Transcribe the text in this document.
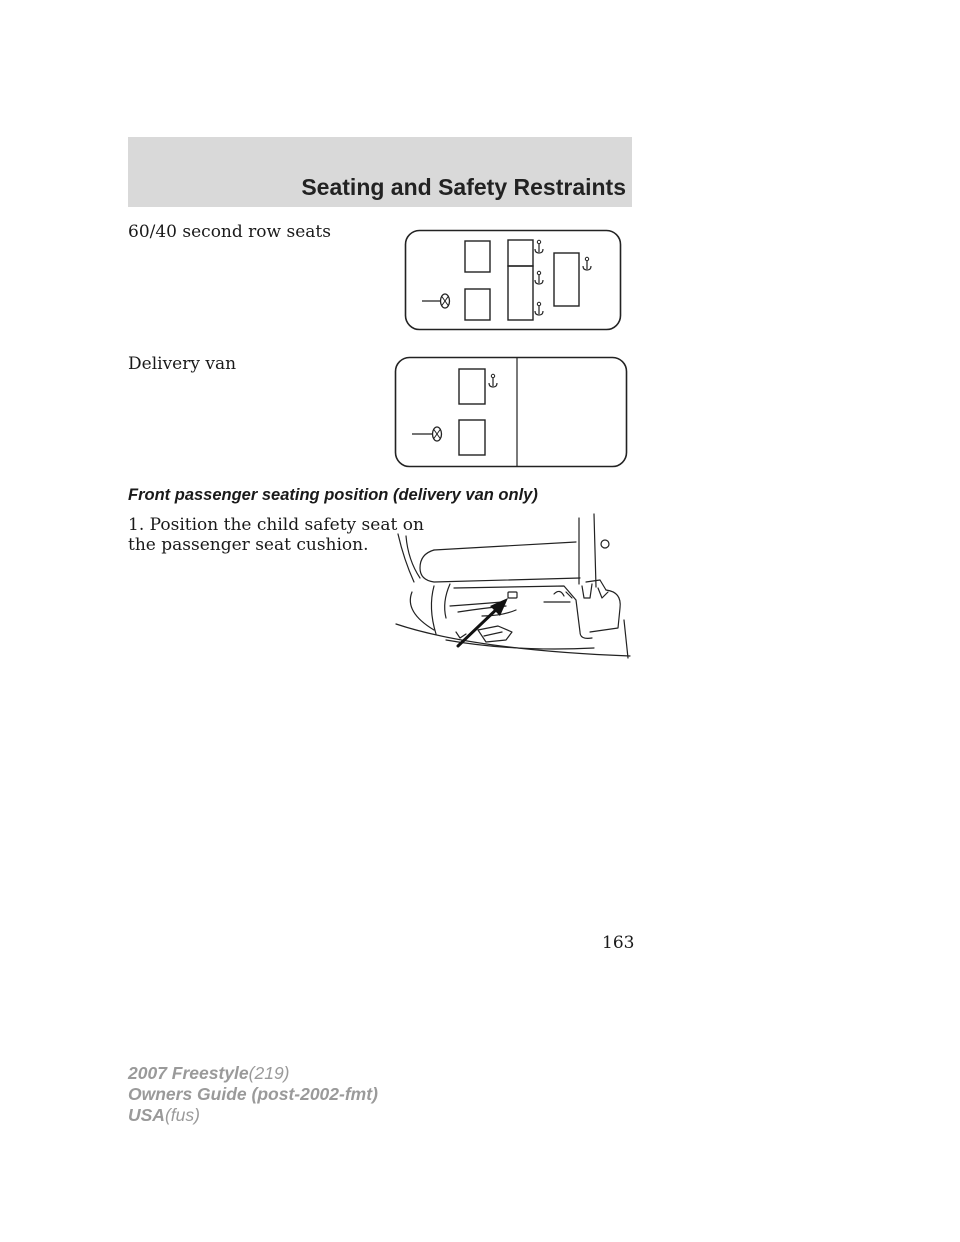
Seating and Safety Restraints
60/40 second row seats
Delivery van
Front passenger seating position (delivery van only)
1. Position the child safety seat on
the passenger seat cushion.
163
2007 Freestyle(219)
Owners Guide (post-2002-fmt)
USA(fus)
